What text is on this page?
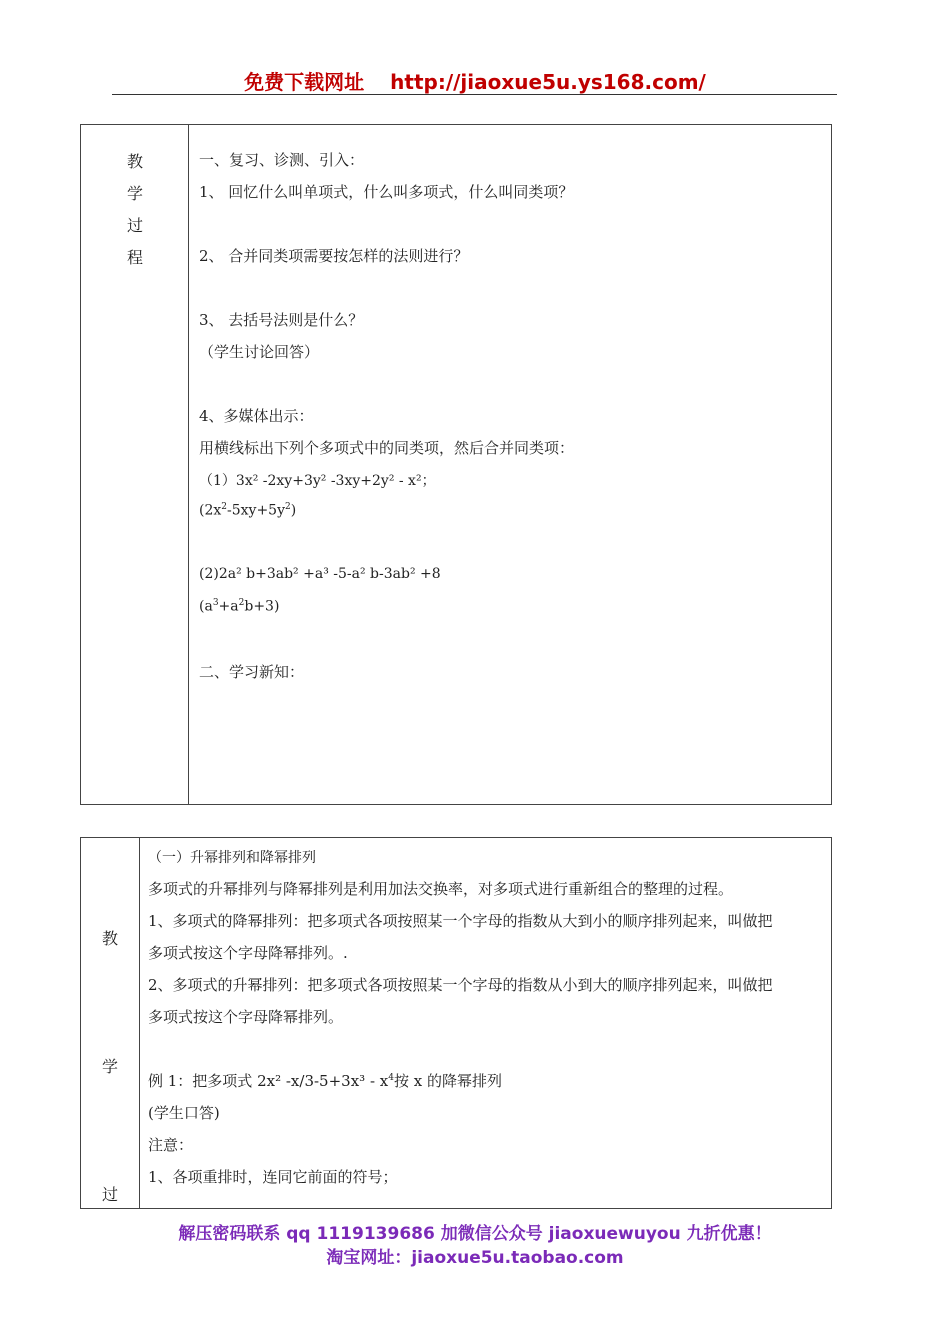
免费下载网址 http://jiaoxue5u.ys168.com/
教
学
过
程
一、复习、诊测、引入：
1、 回忆什么叫单项式，什么叫多项式，什么叫同类项？
2、 合并同类项需要按怎样的法则进行？
3、 去括号法则是什么？
（学生讨论回答）
4、多媒体出示：
用横线标出下列个多项式中的同类项，然后合并同类项：
（1）3x² -2xy+3y² -3xy+2y² - x²；
$(2x^2-5xy+5y^2)$
(2)2a² b+3ab² +a³ -5-a² b-3ab² +8
$(a^3+a^2b+3)$
二、学习新知：
教
学
过
（一）升幂排列和降幂排列
多项式的升幂排列与降幂排列是利用加法交换率，对多项式进行重新组合的整理的过程。
1、多项式的降幂排列：把多项式各项按照某一个字母的指数从大到小的顺序排列起来，叫做把
多项式按这个字母降幂排列。.
2、多项式的升幂排列：把多项式各项按照某一个字母的指数从小到大的顺序排列起来，叫做把
多项式按这个字母降幂排列。
例 1：把多项式 2x² $-x/3-5+3x^3 - x^4$按 x 的降幂排列
(学生口答)
注意：
1、各项重排时，连同它前面的符号；
解压密码联系 qq 1119139686 加微信公众号 jiaoxuewuyou 九折优惠！
淘宝网址：jiaoxue5u.taobao.com
